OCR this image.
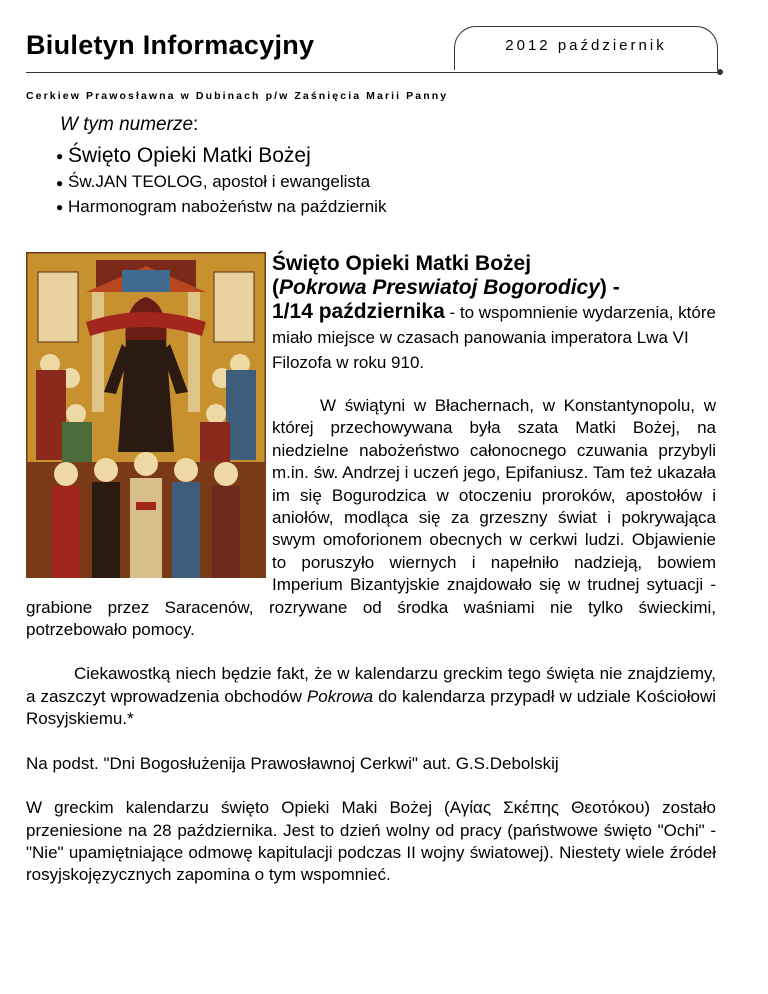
Biuletyn Informacyjny	2012 październik
Cerkiew Prawosławna w Dubinach p/w Zaśnięcia Marii Panny
W tym numerze:
● Święto Opieki Matki Bożej
● Św.JAN TEOLOG, apostoł i ewangelista
● Harmonogram nabożeństw na październik

Święto Opieki Matki Bożej
(Pokrowa Preswiatoj Bogorodicy) -
1/14 października - to wspomnienie wydarzenia, które miało miejsce w czasach panowania imperatora Lwa VI Filozofa w roku 910.

W świątyni w Błachernach, w Konstantynopolu, w której przechowywana była szata Matki Bożej, na niedzielne nabożeństwo całonocnego czuwania przybyli m.in. św. Andrzej i uczeń jego, Epifaniusz. Tam też ukazała im się Bogurodzica w otoczeniu proroków, apostołów i aniołów, modląca się za grzeszny świat i pokrywająca swym omoforionem obecnych w cerkwi ludzi. Objawienie to poruszyło wiernych i napełniło nadzieją, bowiem Imperium Bizantyjskie znajdowało się w trudnej sytuacji - grabione przez Saracenów, rozrywane od środka waśniami nie tylko świeckimi, potrzebowało pomocy.

Ciekawostką niech będzie fakt, że w kalendarzu greckim tego święta nie znajdziemy, a zaszczyt wprowadzenia obchodów Pokrowa do kalendarza przypadł w udziale Kościołowi Rosyjskiemu.*

Na podst. "Dni Bogosłużenija Prawosławnoj Cerkwi" aut. G.S.Debolskij

W greckim kalendarzu święto Opieki Maki Bożej (Αγίας Σκέπης Θεοτόκου) zostało przeniesione na 28 października. Jest to dzień wolny od pracy (państwowe święto "Ochi" - "Nie" upamiętniające odmowę kapitulacji podczas II wojny światowej). Niestety wiele źródeł rosyjskojęzycznych zapomina o tym wspomnieć.
